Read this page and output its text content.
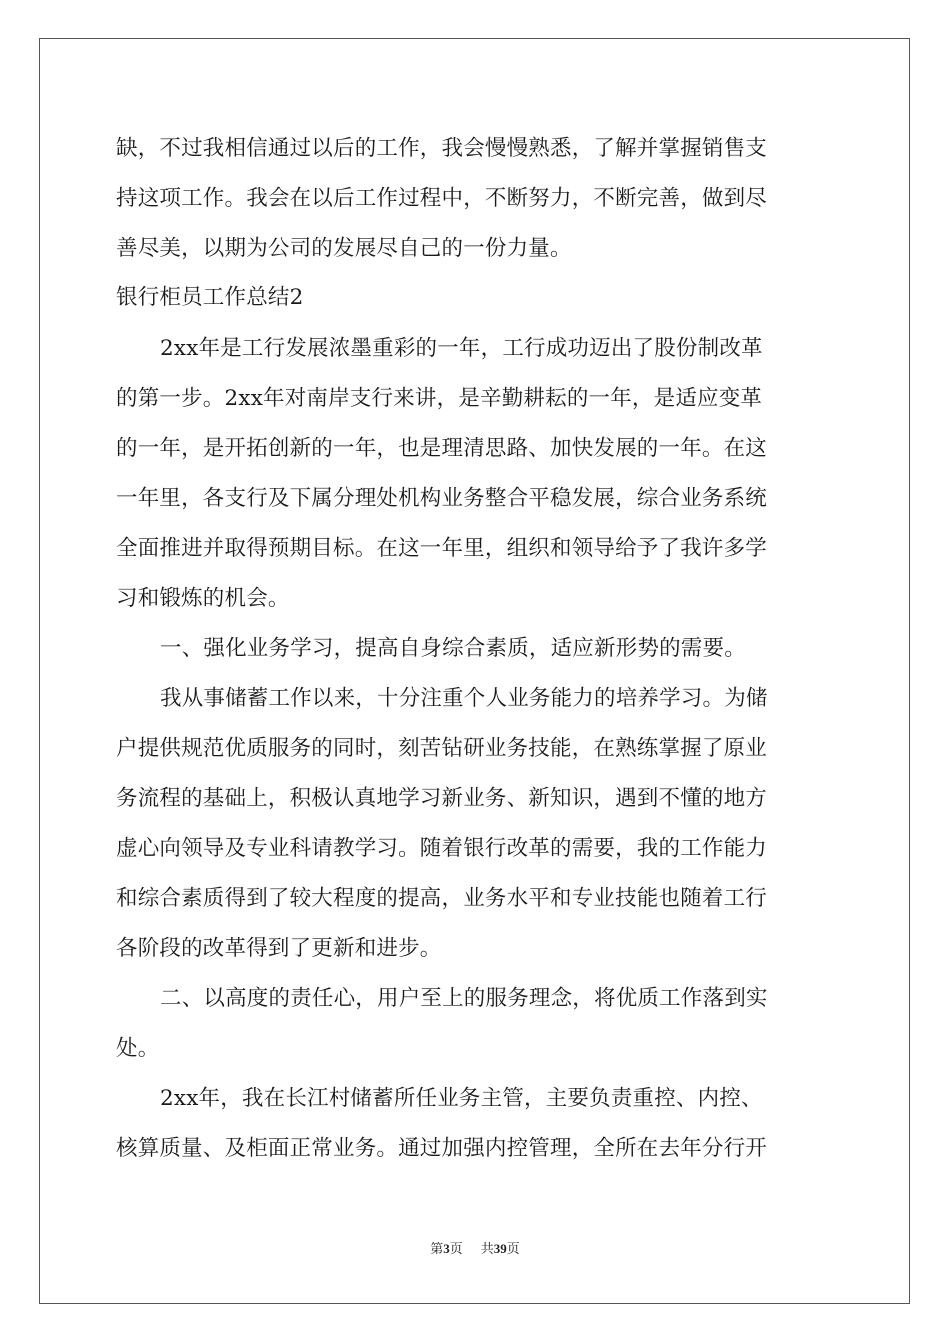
缺，不过我相信通过以后的工作，我会慢慢熟悉，了解并掌握销售支
持这项工作。我会在以后工作过程中，不断努力，不断完善，做到尽
善尽美，以期为公司的发展尽自己的一份力量。
银行柜员工作总结2
2xx年是工行发展浓墨重彩的一年，工行成功迈出了股份制改革
的第一步。2xx年对南岸支行来讲，是辛勤耕耘的一年，是适应变革
的一年，是开拓创新的一年，也是理清思路、加快发展的一年。在这
一年里，各支行及下属分理处机构业务整合平稳发展，综合业务系统
全面推进并取得预期目标。在这一年里，组织和领导给予了我许多学
习和锻炼的机会。
一、强化业务学习，提高自身综合素质，适应新形势的需要。
我从事储蓄工作以来，十分注重个人业务能力的培养学习。为储
户提供规范优质服务的同时，刻苦钻研业务技能，在熟练掌握了原业
务流程的基础上，积极认真地学习新业务、新知识，遇到不懂的地方
虚心向领导及专业科请教学习。随着银行改革的需要，我的工作能力
和综合素质得到了较大程度的提高，业务水平和专业技能也随着工行
各阶段的改革得到了更新和进步。
二、以高度的责任心，用户至上的服务理念，将优质工作落到实
处。
2xx年，我在长江村储蓄所任业务主管，主要负责重控、内控、
核算质量、及柜面正常业务。通过加强内控管理，全所在去年分行开
第3页 共39页
